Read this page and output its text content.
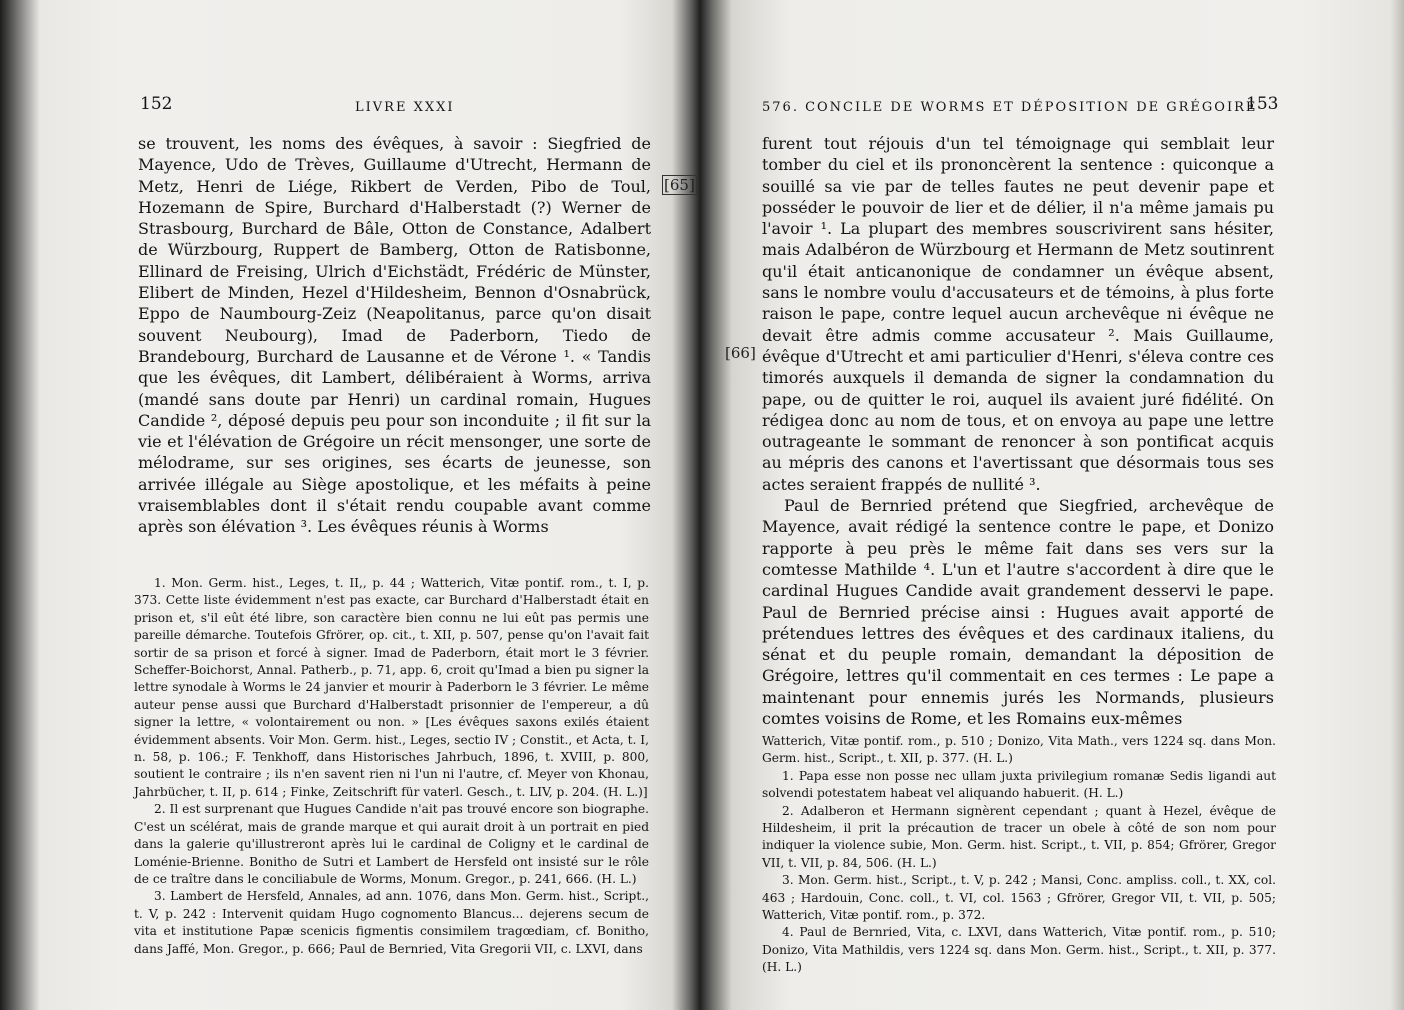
152	LIVRE XXXI
[65]

se trouvent, les noms des évêques, à savoir : Siegfried de Mayence, Udo de Trèves, Guillaume d'Utrecht, Hermann de Metz, Henri de Liége, Rikbert de Verden, Pibo de Toul, Hozemann de Spire, Burchard d'Halberstadt (?) Werner de Strasbourg, Burchard de Bâle, Otton de Constance, Adalbert de Würzbourg, Ruppert de Bamberg, Otton de Ratisbonne, Ellinard de Freising, Ulrich d'Eichstädt, Frédéric de Münster, Elibert de Minden, Hezel d'Hildesheim, Bennon d'Osnabrück, Eppo de Naumbourg-Zeiz (Neapolitanus, parce qu'on disait souvent Neubourg), Imad de Paderborn, Tiedo de Brandebourg, Burchard de Lausanne et de Vérone ¹. « Tandis que les évêques, dit Lambert, délibéraient à Worms, arriva (mandé sans doute par Henri) un cardinal romain, Hugues Candide ², déposé depuis peu pour son inconduite ; il fit sur la vie et l'élévation de Grégoire un récit mensonger, une sorte de mélodrame, sur ses origines, ses écarts de jeunesse, son arrivée illégale au Siège apostolique, et les méfaits à peine vraisemblables dont il s'était rendu coupable avant comme après son élévation ³. Les évêques réunis à Worms

1. Mon. Germ. hist., Leges, t. II,, p. 44 ; Watterich, Vitæ pontif. rom., t. I, p. 373. Cette liste évidemment n'est pas exacte, car Burchard d'Halberstadt était en prison et, s'il eût été libre, son caractère bien connu ne lui eût pas permis une pareille démarche. Toutefois Gfrörer, op. cit., t. XII, p. 507, pense qu'on l'avait fait sortir de sa prison et forcé à signer. Imad de Paderborn, était mort le 3 février. Scheffer-Boichorst, Annal. Patherb., p. 71, app. 6, croit qu'Imad a bien pu signer la lettre synodale à Worms le 24 janvier et mourir à Paderborn le 3 février. Le même auteur pense aussi que Burchard d'Halberstadt prisonnier de l'empereur, a dû signer la lettre, « volontairement ou non. » [Les évêques saxons exilés étaient évidemment absents. Voir Mon. Germ. hist., Leges, sectio IV ; Constit., et Acta, t. I, n. 58, p. 106.; F. Tenkhoff, dans Historisches Jahrbuch, 1896, t. XVIII, p. 800, soutient le contraire ; ils n'en savent rien ni l'un ni l'autre, cf. Meyer von Khonau, Jahrbücher, t. II, p. 614 ; Finke, Zeitschrift für vaterl. Gesch., t. LIV, p. 204. (H. L.)]

2. Il est surprenant que Hugues Candide n'ait pas trouvé encore son biographe. C'est un scélérat, mais de grande marque et qui aurait droit à un portrait en pied dans la galerie qu'illustreront après lui le cardinal de Coligny et le cardinal de Loménie-Brienne. Bonitho de Sutri et Lambert de Hersfeld ont insisté sur le rôle de ce traître dans le conciliabule de Worms, Monum. Gregor., p. 241, 666. (H. L.)

3. Lambert de Hersfeld, Annales, ad ann. 1076, dans Mon. Germ. hist., Script., t. V, p. 242 : Intervenit quidam Hugo cognomento Blancus... dejerens secum de vita et institutione Papæ scenicis figmentis consimilem tragœdiam, cf. Bonitho, dans Jaffé, Mon. Gregor., p. 666; Paul de Bernried, Vita Gregorii VII, c. LXVI, dans

576. CONCILE DE WORMS ET DÉPOSITION DE GRÉGOIRE
153
[66]

furent tout réjouis d'un tel témoignage qui semblait leur tomber du ciel et ils prononcèrent la sentence : quiconque a souillé sa vie par de telles fautes ne peut devenir pape et posséder le pouvoir de lier et de délier, il n'a même jamais pu l'avoir ¹. La plupart des membres souscrivirent sans hésiter, mais Adalbéron de Würzbourg et Hermann de Metz soutinrent qu'il était anticanonique de condamner un évêque absent, sans le nombre voulu d'accusateurs et de témoins, à plus forte raison le pape, contre lequel aucun archevêque ni évêque ne devait être admis comme accusateur ². Mais Guillaume, évêque d'Utrecht et ami particulier d'Henri, s'éleva contre ces timorés auxquels il demanda de signer la condamnation du pape, ou de quitter le roi, auquel ils avaient juré fidélité. On rédigea donc au nom de tous, et on envoya au pape une lettre outrageante le sommant de renoncer à son pontificat acquis au mépris des canons et l'avertissant que désormais tous ses actes seraient frappés de nullité ³.

Paul de Bernried prétend que Siegfried, archevêque de Mayence, avait rédigé la sentence contre le pape, et Donizo rapporte à peu près le même fait dans ses vers sur la comtesse Mathilde ⁴. L'un et l'autre s'accordent à dire que le cardinal Hugues Candide avait grandement desservi le pape. Paul de Bernried précise ainsi : Hugues avait apporté de prétendues lettres des évêques et des cardinaux italiens, du sénat et du peuple romain, demandant la déposition de Grégoire, lettres qu'il commentait en ces termes : Le pape a maintenant pour ennemis jurés les Normands, plusieurs comtes voisins de Rome, et les Romains eux-mêmes

Watterich, Vitæ pontif. rom., p. 510 ; Donizo, Vita Math., vers 1224 sq. dans Mon. Germ. hist., Script., t. XII, p. 377. (H. L.)

1. Papa esse non posse nec ullam juxta privilegium romanæ Sedis ligandi aut solvendi potestatem habeat vel aliquando habuerit. (H. L.)

2. Adalberon et Hermann signèrent cependant ; quant à Hezel, évêque de Hildesheim, il prit la précaution de tracer un obele à côté de son nom pour indiquer la violence subie, Mon. Germ. hist. Script., t. VII, p. 854; Gfrörer, Gregor VII, t. VII, p. 84, 506. (H. L.)

3. Mon. Germ. hist., Script., t. V, p. 242 ; Mansi, Conc. ampliss. coll., t. XX, col. 463 ; Hardouin, Conc. coll., t. VI, col. 1563 ; Gfrörer, Gregor VII, t. VII, p. 505; Watterich, Vitæ pontif. rom., p. 372.

4. Paul de Bernried, Vita, c. LXVI, dans Watterich, Vitæ pontif. rom., p. 510; Donizo, Vita Mathildis, vers 1224 sq. dans Mon. Germ. hist., Script., t. XII, p. 377. (H. L.)
